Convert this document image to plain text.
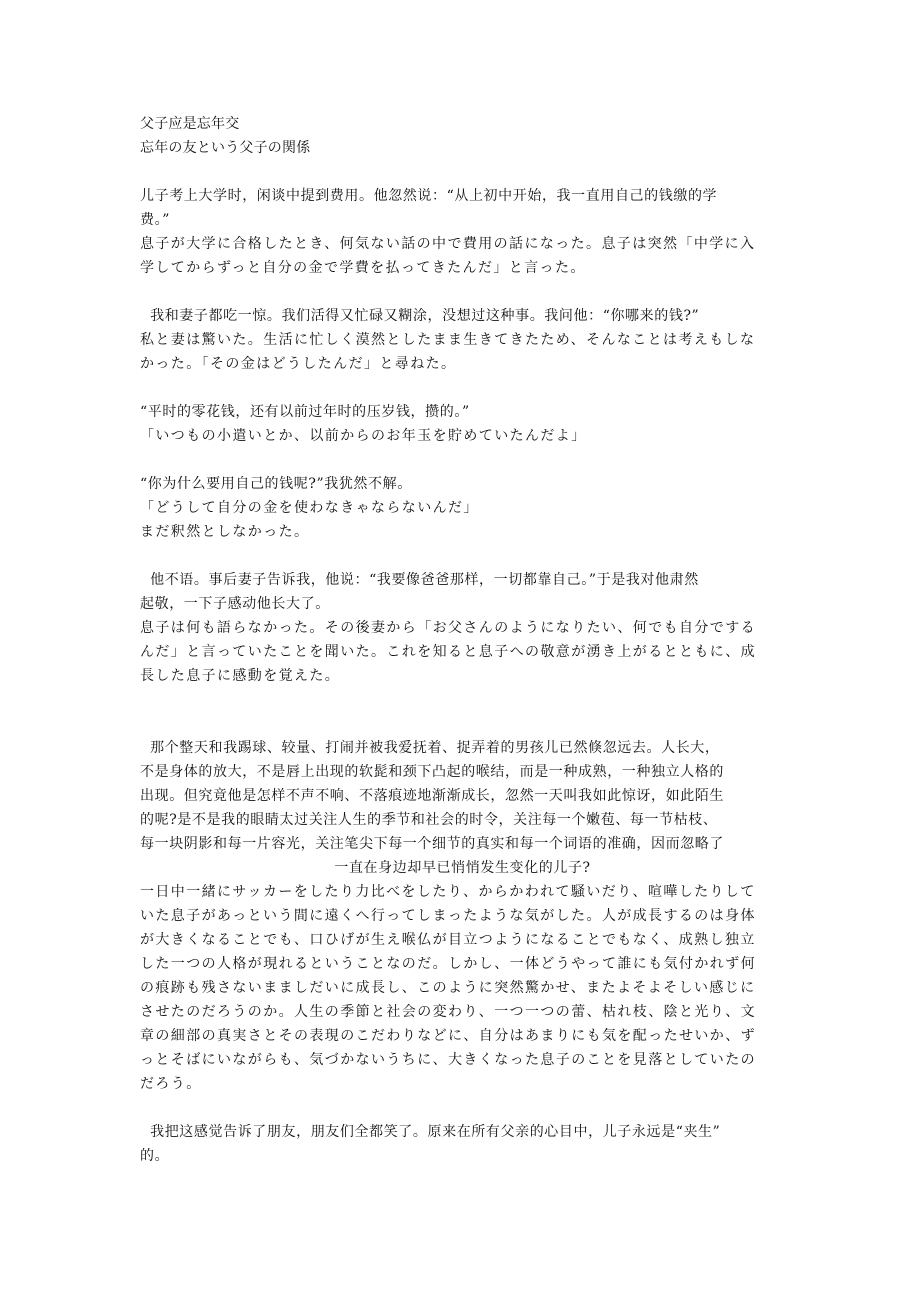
父子应是忘年交
忘年の友という父子の関係
儿子考上大学时，闲谈中提到费用。他忽然说：“从上初中开始，我一直用自己的钱缴的学
费。”
息子が大学に合格したとき、何気ない話の中で費用の話になった。息子は突然「中学に入
学してからずっと自分の金で学費を払ってきたんだ」と言った。
我和妻子都吃一惊。我们活得又忙碌又糊涂，没想过这种事。我问他：“你哪来的钱?”
私と妻は驚いた。生活に忙しく漠然としたまま生きてきたため、そんなことは考えもしな
かった。「その金はどうしたんだ」と尋ねた。
“平时的零花钱，还有以前过年时的压岁钱，攒的。”
「いつもの小遣いとか、以前からのお年玉を貯めていたんだよ」
“你为什么要用自己的钱呢?”我犹然不解。
「どうして自分の金を使わなきゃならないんだ」
まだ釈然としなかった。
他不语。事后妻子告诉我，他说：“我要像爸爸那样，一切都靠自己。”于是我对他肃然
起敬，一下子感动他长大了。
息子は何も語らなかった。その後妻から「お父さんのようになりたい、何でも自分でする
んだ」と言っていたことを聞いた。これを知ると息子への敬意が湧き上がるとともに、成
長した息子に感動を覚えた。
那个整天和我踢球、较量、打闹并被我爱抚着、捉弄着的男孩儿已然倏忽远去。人长大，
不是身体的放大，不是唇上出现的软髭和颈下凸起的喉结，而是一种成熟，一种独立人格的
出现。但究竟他是怎样不声不响、不落痕迹地渐渐成长，忽然一天叫我如此惊讶，如此陌生
的呢?是不是我的眼睛太过关注人生的季节和社会的时令，关注每一个嫩苞、每一节枯枝、
每一块阴影和每一片容光，关注笔尖下每一个细节的真实和每一个词语的准确，因而忽略了
一直在身边却早已悄悄发生变化的儿子?
一日中一緒にサッカーをしたり力比べをしたり、からかわれて騒いだり、喧嘩したりして
いた息子があっという間に遠くへ行ってしまったような気がした。人が成長するのは身体
が大きくなることでも、口ひげが生え喉仏が目立つようになることでもなく、成熟し独立
した一つの人格が現れるということなのだ。しかし、一体どうやって誰にも気付かれず何
の痕跡も残さないまましだいに成長し、このように突然驚かせ、またよそよそしい感じに
させたのだろうのか。人生の季節と社会の変わり、一つ一つの蕾、枯れ枝、陰と光り、文
章の細部の真実さとその表現のこだわりなどに、自分はあまりにも気を配ったせいか、ず
っとそばにいながらも、気づかないうちに、大きくなった息子のことを見落としていたの
だろう。
我把这感觉告诉了朋友，朋友们全都笑了。原来在所有父亲的心目中，儿子永远是“夹生”
的。
